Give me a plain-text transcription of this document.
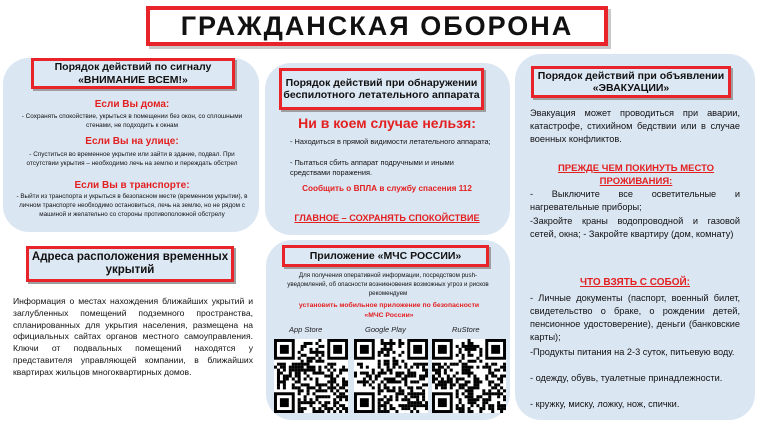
ГРАЖДАНСКАЯ ОБОРОНА
Порядок действий по сигналу «ВНИМАНИЕ ВСЕМ!»
Если Вы дома:
- Сохранять спокойствие, укрыться в помещении без окон, со сплошными стенами, не подходить к окнам
Если Вы на улице:
- Спуститься во временное укрытие или зайти в здание, подвал. При отсутствии укрытия – необходимо лечь на землю и переждать обстрел
Если Вы в транспорте:
- Выйти из транспорта и укрыться в безопасном месте (временном укрытии), в личном транспорте необходимо остановиться, лечь на землю, но не рядом с машиной и желательно со стороны противоположной обстрелу
Адреса расположения временных укрытий
Информация о местах нахождения ближайших укрытий и заглубленных помещений подземного пространства, спланированных для укрытия населения, размещена на официальных сайтах органов местного самоуправления. Ключи от подвальных помещений находятся у представителя управляющей компании, в ближайших квартирах жильцов многоквартирных домов.
Порядок действий при обнаружении беспилотного летательного аппарата
Ни в коем случае нельзя:
- Находиться в прямой видимости летательного аппарата;
- Пытаться сбить аппарат подручными и иными средствами поражения.
Сообщить о ВПЛА в службу спасения 112
ГЛАВНОЕ – СОХРАНЯТЬ СПОКОЙСТВИЕ
Приложение «МЧС РОССИИ»
Для получения оперативной информации, посредством push-уведомлений, об опасности возникновения возможных угроз и рисков рекомендуем
установить мобильное приложение по безопасности «МЧС России»
App Store	Google Play	RuStore
Порядок действий при объявлении «ЭВАКУАЦИИ»
Эвакуация может проводиться при аварии, катастрофе, стихийном бедствии или в случае военных конфликтов.
ПРЕЖДЕ ЧЕМ ПОКИНУТЬ МЕСТО ПРОЖИВАНИЯ:
- Выключите все осветительные и нагревательные приборы;
-Закройте краны водопроводной и газовой сетей, окна; - Закройте квартиру (дом, комнату)
ЧТО ВЗЯТЬ С СОБОЙ:
- Личные документы (паспорт, военный билет, свидетельство о браке, о рождении детей, пенсионное удостоверение), деньги (банковские карты);
-Продукты питания на 2-3 суток, питьевую воду.
- одежду, обувь, туалетные принадлежности.
- кружку, миску, ложку, нож, спички.
